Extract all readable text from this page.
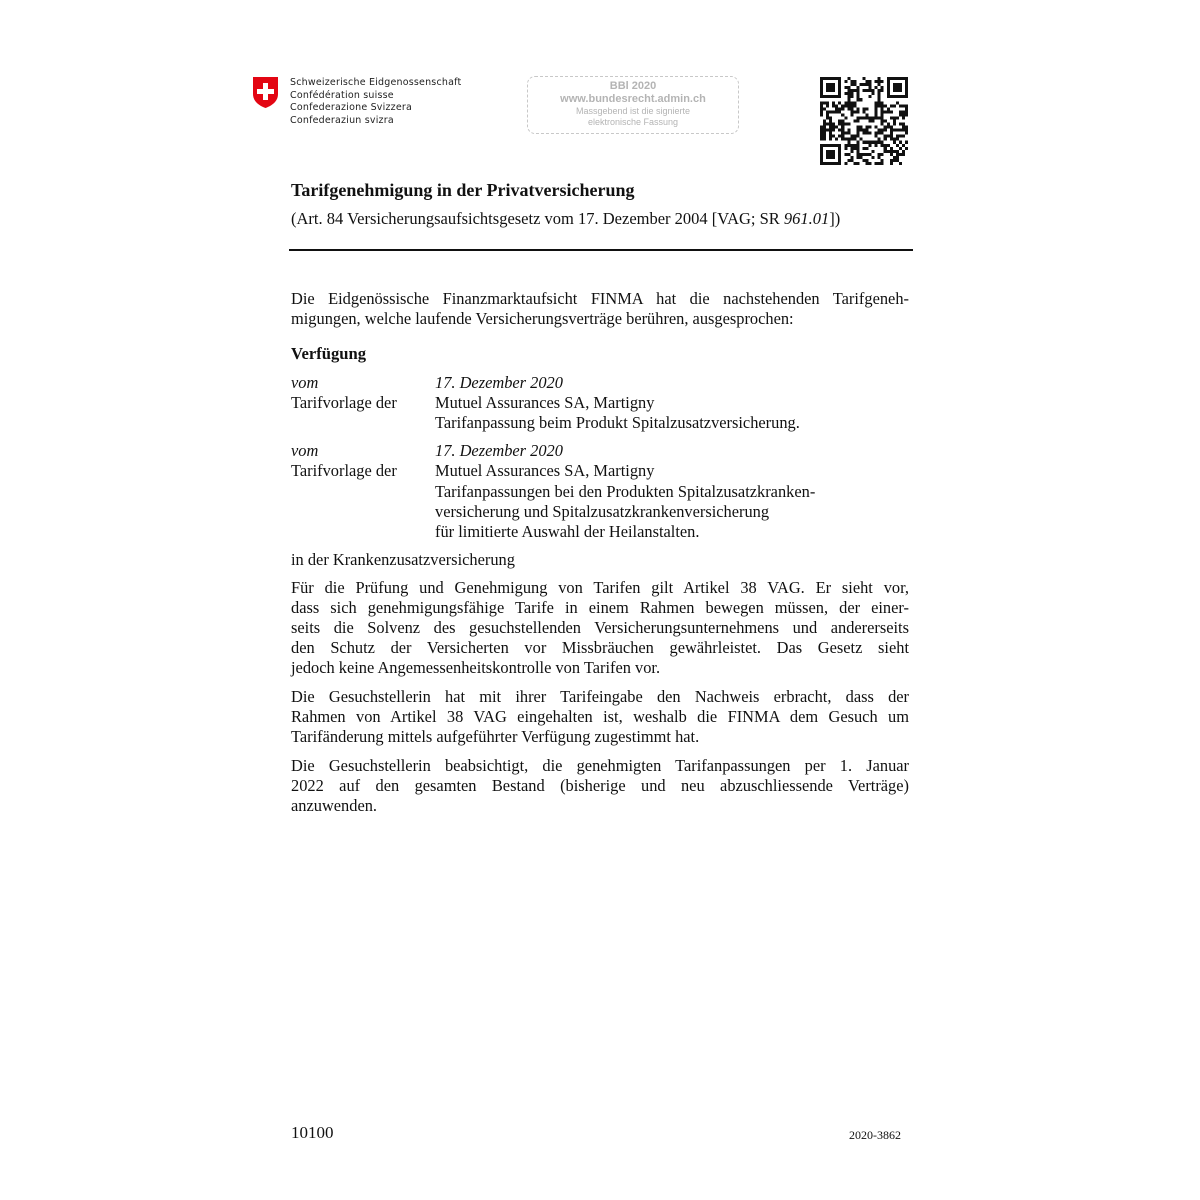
Schweizerische Eidgenossenschaft
Confédération suisse
Confederazione Svizzera
Confederaziun svizra
BBl 2020
www.bundesrecht.admin.ch
Massgebend ist die signierte
elektronische Fassung
Tarifgenehmigung in der Privatversicherung
(Art. 84 Versicherungsaufsichtsgesetz vom 17. Dezember 2004 [VAG; SR 961.01])
Die Eidgenössische Finanzmarktaufsicht FINMA hat die nachstehenden Tarifgeneh-
migungen, welche laufende Versicherungsverträge berühren, ausgesprochen:
Verfügung
vom	17. Dezember 2020
Tarifvorlage der Mutuel Assurances SA, Martigny
Tarifanpassung beim Produkt Spitalzusatzversicherung.
vom	17. Dezember 2020
Tarifvorlage der Mutuel Assurances SA, Martigny
Tarifanpassungen bei den Produkten Spitalzusatzkranken-
versicherung und Spitalzusatzkrankenversicherung
für limitierte Auswahl der Heilanstalten.
in der Krankenzusatzversicherung
Für die Prüfung und Genehmigung von Tarifen gilt Artikel 38 VAG. Er sieht vor,
dass sich genehmigungsfähige Tarife in einem Rahmen bewegen müssen, der einer-
seits die Solvenz des gesuchstellenden Versicherungsunternehmens und andererseits
den Schutz der Versicherten vor Missbräuchen gewährleistet. Das Gesetz sieht
jedoch keine Angemessenheitskontrolle von Tarifen vor.
Die Gesuchstellerin hat mit ihrer Tarifeingabe den Nachweis erbracht, dass der
Rahmen von Artikel 38 VAG eingehalten ist, weshalb die FINMA dem Gesuch um
Tarifänderung mittels aufgeführter Verfügung zugestimmt hat.
Die Gesuchstellerin beabsichtigt, die genehmigten Tarifanpassungen per 1. Januar
2022 auf den gesamten Bestand (bisherige und neu abzuschliessende Verträge)
anzuwenden.
10100	2020-3862
